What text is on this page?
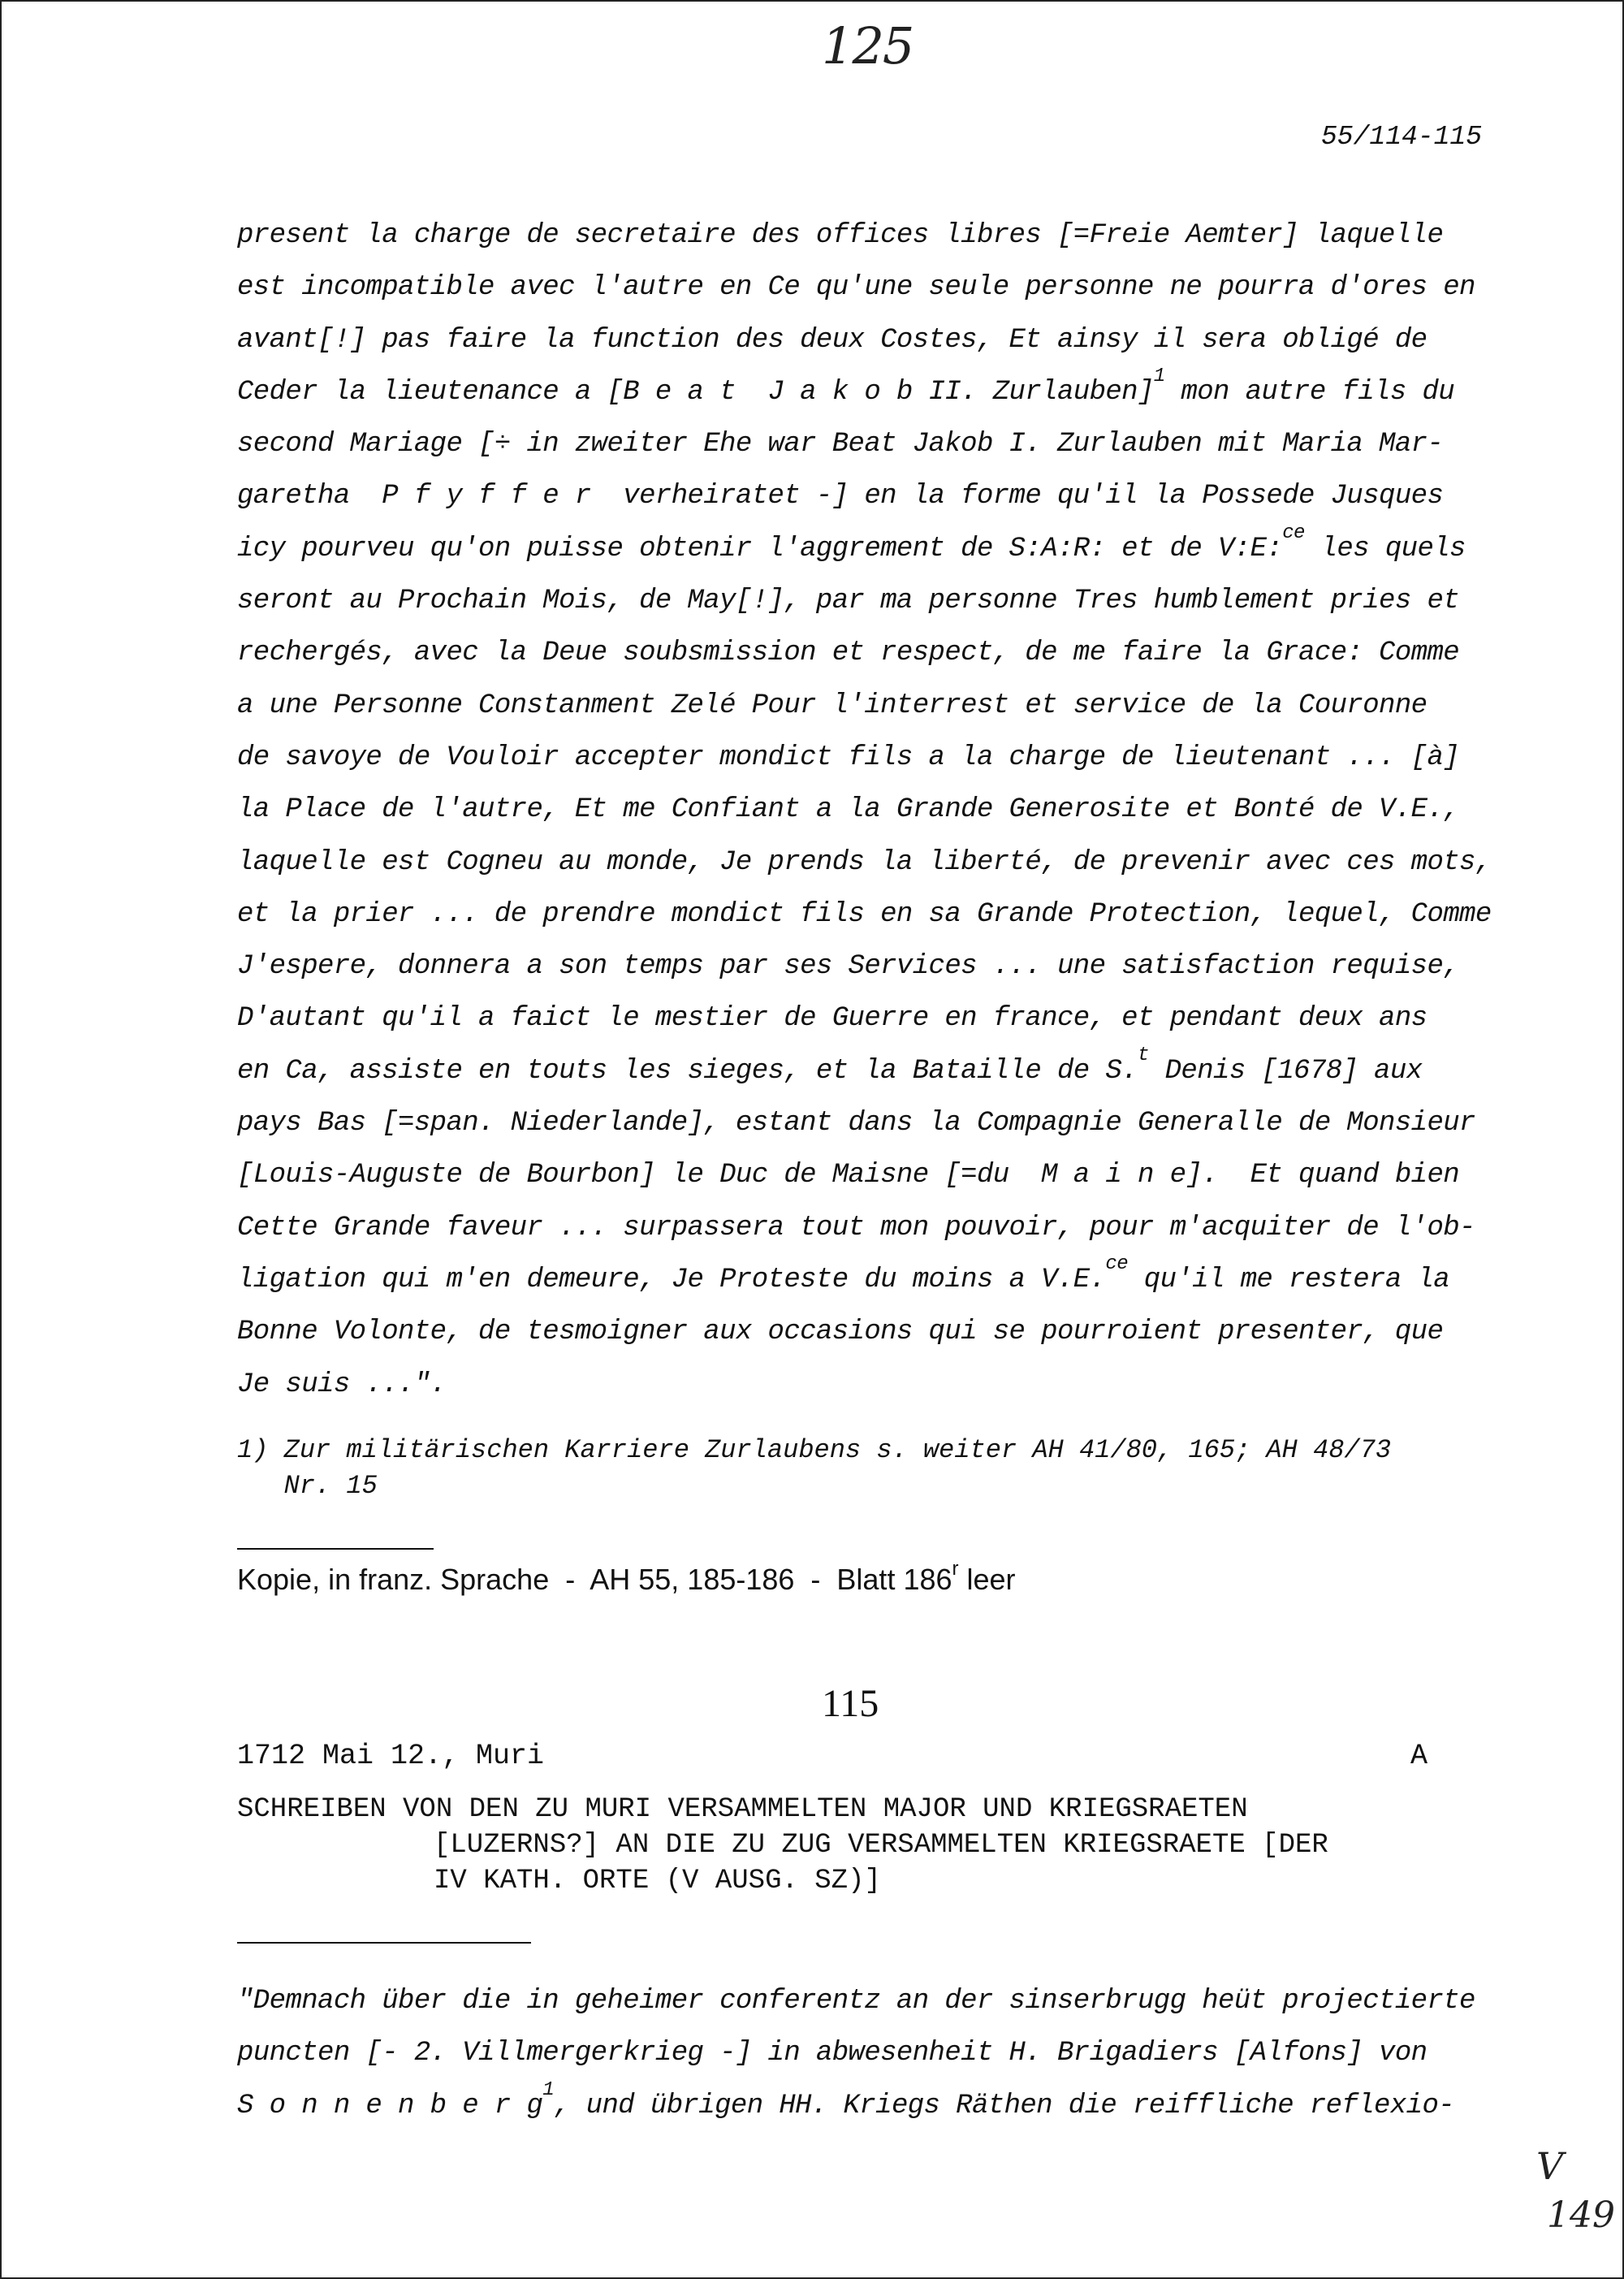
125
55/114-115
present la charge de secretaire des offices libres [=Freie Aemter] laquelle
est incompatible avec l'autre en Ce qu'une seule personne ne pourra d'ores en
avant[!] pas faire la function des deux Costes, Et ainsy il sera obligé de
Ceder la lieutenance a [B e a t  J a k o b II. Zurlauben]$^1$ mon autre fils du
second Mariage [÷ in zweiter Ehe war Beat Jakob I. Zurlauben mit Maria Mar-
garetha  P f y f f e r  verheiratet -] en la forme qu'il la Possede Jusques
icy pourveu qu'on puisse obtenir l'aggrement de S:A:R: et de V:E:$^{ce}$ les quels
seront au Prochain Mois, de May[!], par ma personne Tres humblement pries et
rechergés, avec la Deue soubsmission et respect, de me faire la Grace: Comme
a une Personne Constanment Zelé Pour l'interrest et service de la Couronne
de savoye de Vouloir accepter mondict fils a la charge de lieutenant ... [à]
la Place de l'autre, Et me Confiant a la Grande Generosite et Bonté de V.E.,
laquelle est Cogneu au monde, Je prends la liberté, de prevenir avec ces mots,
et la prier ... de prendre mondict fils en sa Grande Protection, lequel, Comme
J'espere, donnera a son temps par ses Services ... une satisfaction requise,
D'autant qu'il a faict le mestier de Guerre en france, et pendant deux ans
en Ca, assiste en touts les sieges, et la Bataille de S.$^t$ Denis [1678] aux
pays Bas [=span. Niederlande], estant dans la Compagnie Generalle de Monsieur
[Louis-Auguste de Bourbon] le Duc de Maisne [=du  M a i n e].  Et quand bien
Cette Grande faveur ... surpassera tout mon pouvoir, pour m'acquiter de l'ob-
ligation qui m'en demeure, Je Proteste du moins a V.E.$^{ce}$ qu'il me restera la
Bonne Volonte, de tesmoigner aux occasions qui se pourroient presenter, que
Je suis ...".
1) Zur militärischen Karriere Zurlaubens s. weiter AH 41/80, 165; AH 48/73
Nr. 15
Kopie, in franz. Sprache  -  AH 55, 185-186  -  Blatt 186$^r$ leer
115
1712 Mai 12., Muri	A
SCHREIBEN VON DEN ZU MURI VERSAMMELTEN MAJOR UND KRIEGSRAETEN
[LUZERNS?] AN DIE ZU ZUG VERSAMMELTEN KRIEGSRAETE [DER
IV KATH. ORTE (V AUSG. SZ)]
"Demnach über die in geheimer conferentz an der sinserbrugg heüt projectierte
puncten [- 2. Villmergerkrieg -] in abwesenheit H. Brigadiers [Alfons] von
S o n n e n b e r $g^1$, und übrigen HH. Kriegs Räthen die reiffliche reflexio-
V
149
